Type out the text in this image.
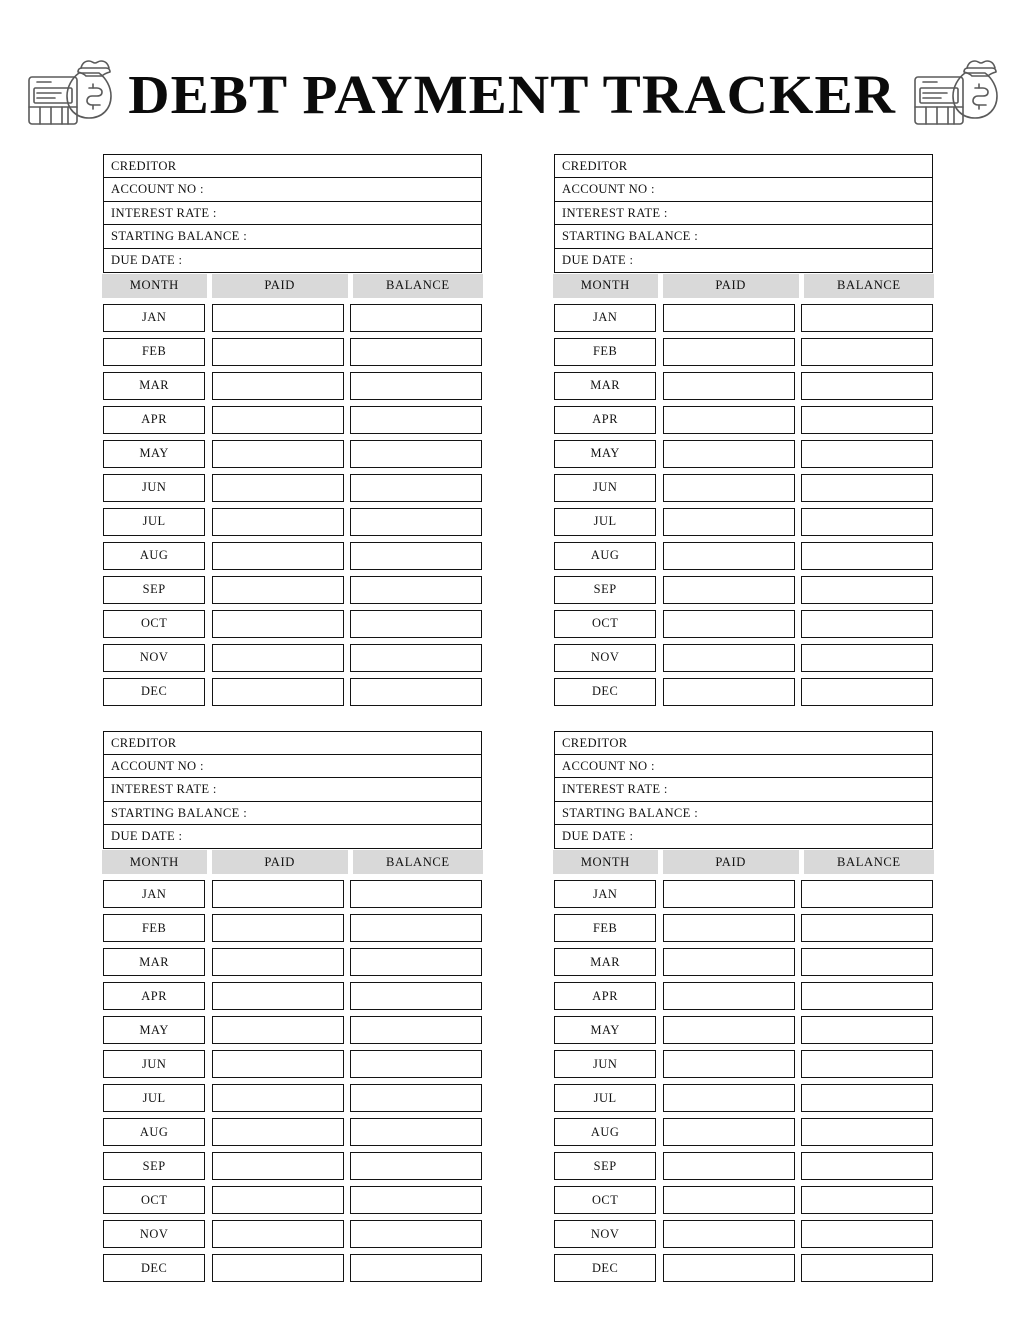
DEBT PAYMENT TRACKER
CREDITOR
ACCOUNT NO :
INTEREST RATE :
STARTING BALANCE :
DUE DATE :
MONTH	PAID	BALANCE
JAN
FEB
MAR
APR
MAY
JUN
JUL
AUG
SEP
OCT
NOV
DEC
CREDITOR
ACCOUNT NO :
INTEREST RATE :
STARTING BALANCE :
DUE DATE :
MONTH	PAID	BALANCE
JAN
FEB
MAR
APR
MAY
JUN
JUL
AUG
SEP
OCT
NOV
DEC
CREDITOR
ACCOUNT NO :
INTEREST RATE :
STARTING BALANCE :
DUE DATE :
MONTH	PAID	BALANCE
JAN
FEB
MAR
APR
MAY
JUN
JUL
AUG
SEP
OCT
NOV
DEC
CREDITOR
ACCOUNT NO :
INTEREST RATE :
STARTING BALANCE :
DUE DATE :
MONTH	PAID	BALANCE
JAN
FEB
MAR
APR
MAY
JUN
JUL
AUG
SEP
OCT
NOV
DEC
